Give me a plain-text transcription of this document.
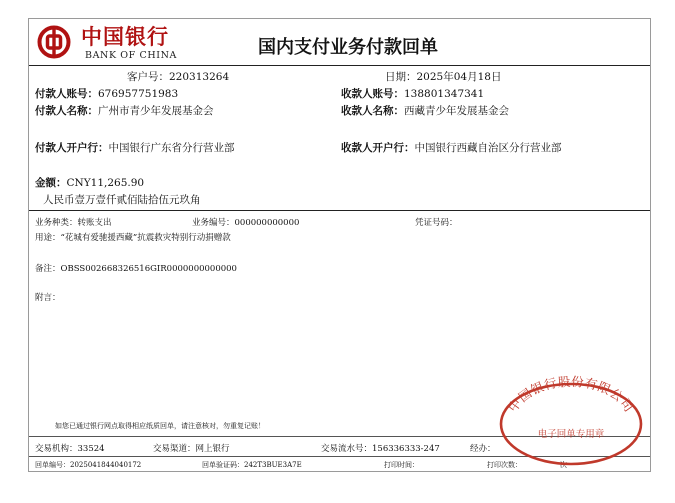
中国银行
BANK OF CHINA	国内支付业务付款回单
客户号：220313264	日期：2025年04月18日
付款人账号：676957751983	收款人账号：138801347341
付款人名称：广州市青少年发展基金会	收款人名称：西藏青少年发展基金会
付款人开户行：中国银行广东省分行营业部	收款人开户行：中国银行西藏自治区分行营业部
金额：CNY11,265.90
人民币壹万壹仟贰佰陆拾伍元玖角
业务种类：转账支出	业务编号：000000000000	凭证号码：
用途：“花城有爱驰援西藏”抗震救灾特别行动捐赠款
备注：OBSS002668326516GIR0000000000000
附言：
如您已通过银行网点取得相应纸质回单，请注意核对，勿重复记账！
交易机构：33524	交易渠道：网上银行	交易流水号：156336333-247	经办：
回单编号：2025041844040172	回单验证码：242T3BUE3A7E	打印时间：	打印次数：	次
中国银行股份有限公司
电子回单专用章
